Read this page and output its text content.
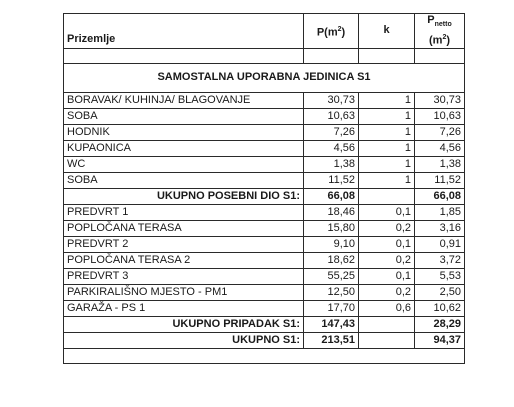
Prizemlje	$P(m^2)$	k	$P_{netto}$
$(m^2)$

SAMOSTALNA UPORABNA JEDINICA S1			
BORAVAK/ KUHINJA/ BLAGOVANJE	30,73	1	30,73
SOBA	10,63	1	10,63
HODNIK	7,26	1	7,26
KUPAONICA	4,56	1	4,56
WC	1,38	1	1,38
SOBA	11,52	1	11,52
UKUPNO POSEBNI DIO S1:	66,08		66,08
PREDVRT 1	18,46	0,1	1,85
POPLOČANA TERASA	15,80	0,2	3,16
PREDVRT 2	9,10	0,1	0,91
POPLOČANA TERASA 2	18,62	0,2	3,72
PREDVRT 3	55,25	0,1	5,53
PARKIRALIŠNO MJESTO - PM1	12,50	0,2	2,50
GARAŽA - PS 1	17,70	0,6	10,62
UKUPNO PRIPADAK S1:	147,43		28,29
UKUPNO S1:	213,51		94,37
